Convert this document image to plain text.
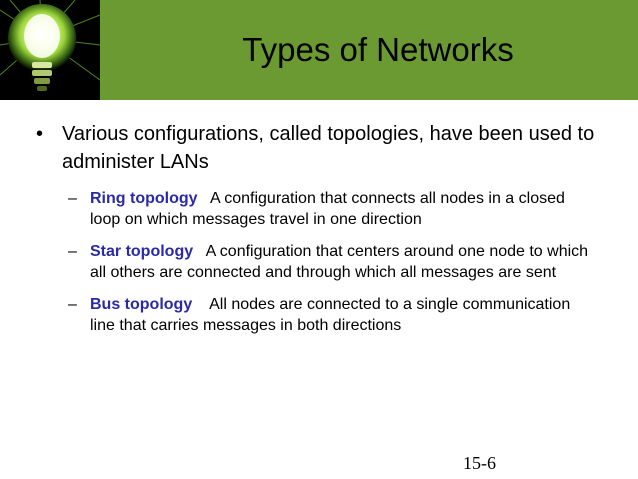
Types of Networks
• Various configurations, called topologies, have been used to administer LANs
– Ring topology A configuration that connects all nodes in a closed loop on which messages travel in one direction
– Star topology A configuration that centers around one node to which all others are connected and through which all messages are sent
– Bus topology All nodes are connected to a single communication line that carries messages in both directions
15-6
